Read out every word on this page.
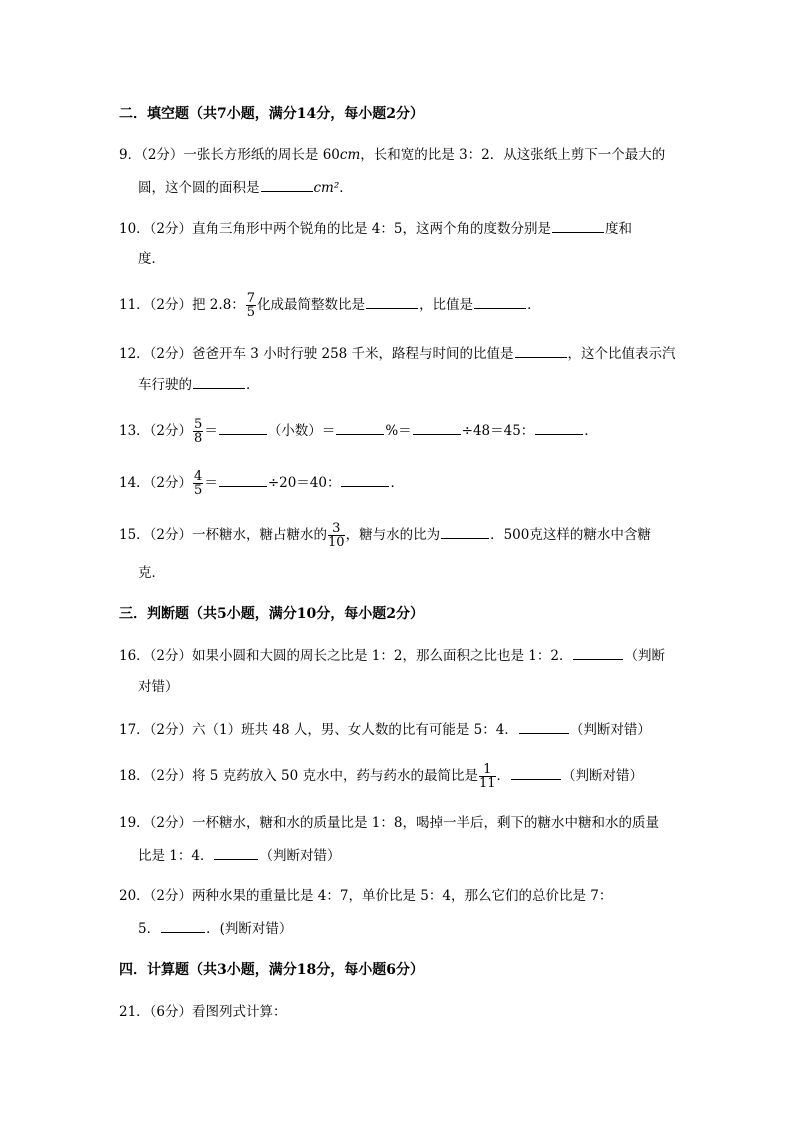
二．填空题（共7小题，满分14分，每小题2分）
9．（2分）一张长方形纸的周长是 60cm，长和宽的比是 3：2．从这张纸上剪下一个最大的
圆，这个圆的面积是	cm²．
10．（2分）直角三角形中两个锐角的比是 4：5，这两个角的度数分别是	度和
度．
11．（2分）把 2.8： $\frac{7}{5}$ 化成最简整数比是	，比值是	．
12．（2分）爸爸开车 3 小时行驶 258 千米，路程与时间的比值是	，这个比值表示汽
车行驶的	．
13．（2分） $\frac{5}{8}$ ＝	（小数）＝	%＝	÷48＝45：	．
14．（2分） $\frac{4}{5}$ ＝	÷20＝40：	．
15．（2分）一杯糖水，糖占糖水的 $\frac{3}{10}$ ，糖与水的比为	．500克这样的糖水中含糖
克．
三．判断题（共5小题，满分10分，每小题2分）
16．（2分）如果小圆和大圆的周长之比是 1：2，那么面积之比也是 1：2．	（判断
对错）
17．（2分）六（1）班共 48 人，男、女人数的比有可能是 5：4．	（判断对错）
18．（2分）将 5 克药放入 50 克水中，药与药水的最简比是 $\frac{1}{11}$ ．	（判断对错）
19．（2分）一杯糖水，糖和水的质量比是 1：8，喝掉一半后，剩下的糖水中糖和水的质量
比是 1：4．	（判断对错）
20．（2分）两种水果的重量比是 4：7，单价比是 5：4，那么它们的总价比是 7：
5．	．(判断对错）
四．计算题（共3小题，满分18分，每小题6分）
21．（6分）看图列式计算：
